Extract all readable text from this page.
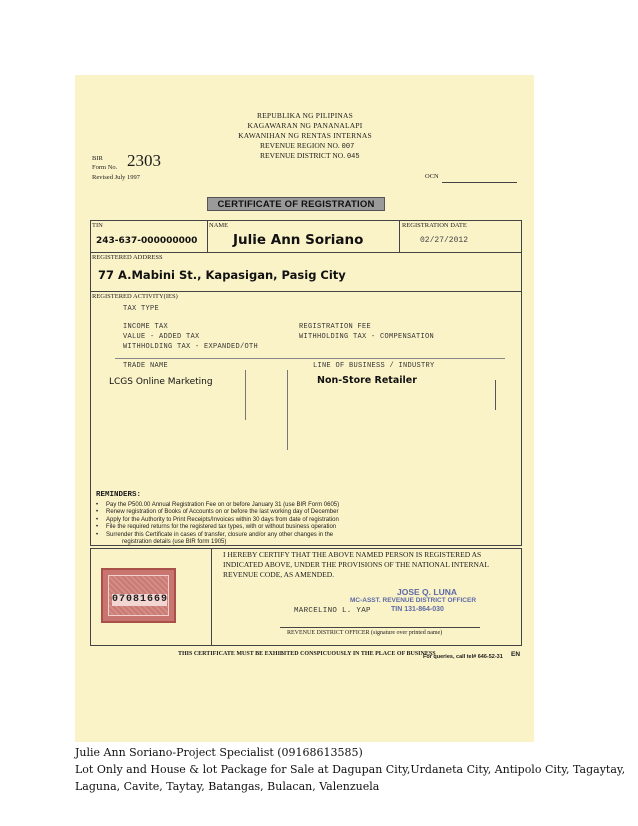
REPUBLIKA NG PILIPINAS
KAGAWARAN NG PANANALAPI
KAWANIHAN NG RENTAS INTERNAS
REVENUE REGION NO. 007
REVENUE DISTRICT NO. 045
BIR
Form No. 2303
Revised July 1997	OCN
CERTIFICATE OF REGISTRATION
TIN	NAME	REGISTRATION DATE
243-637-000000000	Julie Ann Soriano	02/27/2012
REGISTERED ADDRESS
77 A.Mabini St., Kapasigan, Pasig City
REGISTERED ACTIVITY(IES)
TAX TYPE
INCOME TAX
VALUE - ADDED TAX
WITHHOLDING TAX - EXPANDED/OTH
REGISTRATION FEE
WITHHOLDING TAX - COMPENSATION
TRADE NAME	LINE OF BUSINESS / INDUSTRY
LCGS Online Marketing	Non-Store Retailer
REMINDERS:
• Pay the P500.00 Annual Registration Fee on or before January 31 (use BIR Form 0605)
• Renew registration of Books of Accounts on or before the last working day of December
• Apply for the Authority to Print Receipts/Invoices within 30 days from date of registration
• File the required returns for the registered tax types, with or without business operation
• Surrender this Certificate in cases of transfer, closure and/or any other changes in the
registration details (use BIR form 1905)
I HEREBY CERTIFY THAT THE ABOVE NAMED PERSON IS REGISTERED AS
INDICATED ABOVE, UNDER THE PROVISIONS OF THE NATIONAL INTERNAL
REVENUE CODE, AS AMENDED.
07081669
JOSE Q. LUNA
MC-ASST. REVENUE DISTRICT OFFICER
TIN 131-864-030
MARCELINO L. YAP
REVENUE DISTRICT OFFICER (signature over printed name)
THIS CERTIFICATE MUST BE EXHIBITED CONSPICUOUSLY IN THE PLACE OF BUSINESS
For queries, call tel# 646-52-31 EN
Julie Ann Soriano-Project Specialist (09168613585)
Lot Only and House & lot Package for Sale at Dagupan City,Urdaneta City, Antipolo City, Tagaytay,
Laguna, Cavite, Taytay, Batangas, Bulacan, Valenzuela
